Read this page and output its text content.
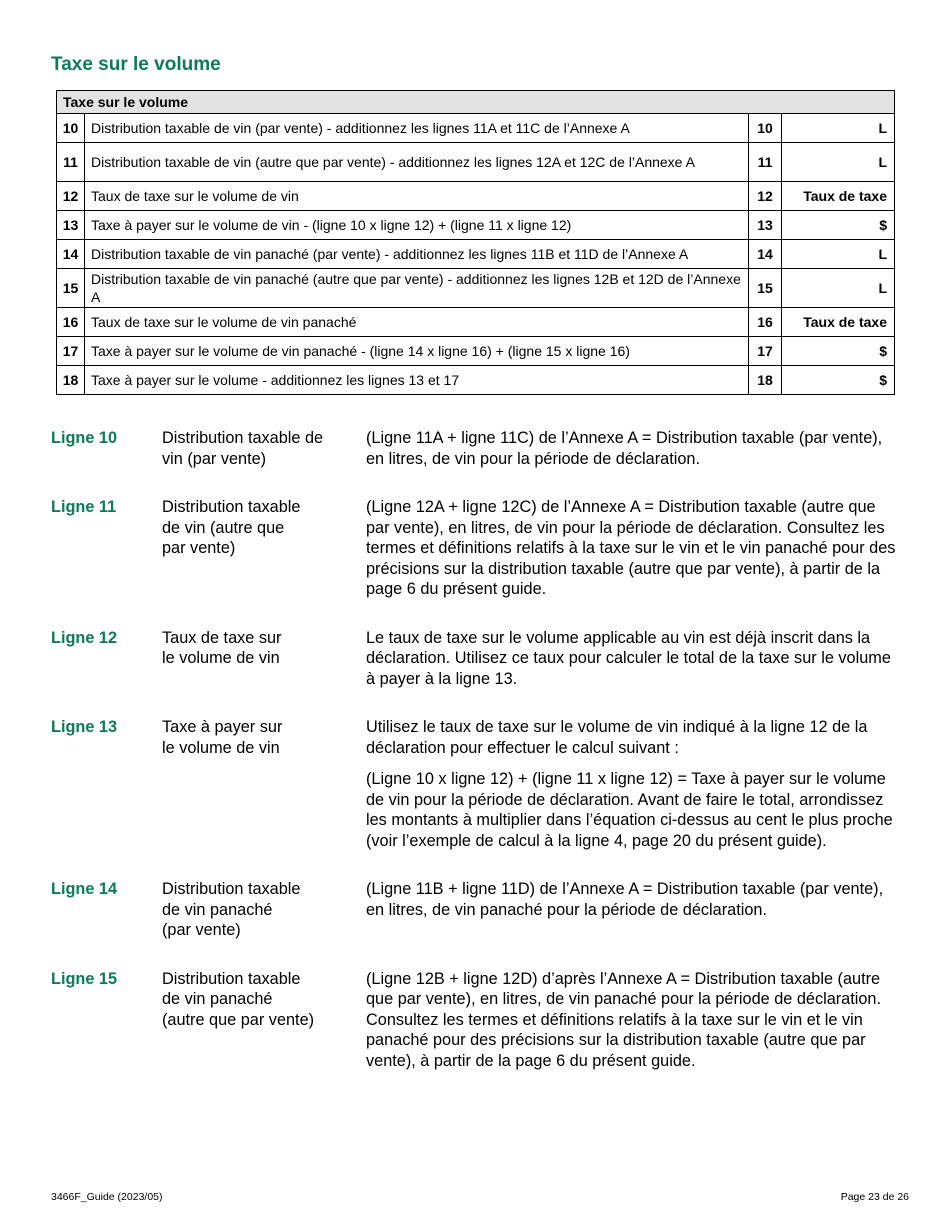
Taxe sur le volume
Taxe sur le volume			
10	Distribution taxable de vin (par vente) - additionnez les lignes 11A et 11C de l’Annexe A	10	L
11	Distribution taxable de vin (autre que par vente) - additionnez les lignes 12A et 12C de l’Annexe A	11	L
12	Taux de taxe sur le volume de vin	12	Taux de taxe
13	Taxe à payer sur le volume de vin - (ligne 10 x ligne 12) + (ligne 11 x ligne 12)	13	$
14	Distribution taxable de vin panaché (par vente) - additionnez les lignes 11B et 11D de l’Annexe A	14	L
15	Distribution taxable de vin panaché (autre que par vente) - additionnez les lignes 12B et 12D de l’Annexe A	15	L
16	Taux de taxe sur le volume de vin panaché	16	Taux de taxe
17	Taxe à payer sur le volume de vin panaché - (ligne 14 x ligne 16) + (ligne 15 x ligne 16)	17	$
18	Taxe à payer sur le volume - additionnez les lignes 13 et 17	18	$
Ligne 10	Distribution taxable de
vin (par vente)

(Ligne 11A + ligne 11C) de l’Annexe A = Distribution taxable (par vente), en litres, de vin pour la période de déclaration.

Ligne 11	Distribution taxable
de vin (autre que
par vente)

(Ligne 12A + ligne 12C) de l’Annexe A = Distribution taxable (autre que par vente), en litres, de vin pour la période de déclaration. Consultez les termes et définitions relatifs à la taxe sur le vin et le vin panaché pour des précisions sur la distribution taxable (autre que par vente), à partir de la page 6 du présent guide.

Ligne 12	Taux de taxe sur
le volume de vin

Le taux de taxe sur le volume applicable au vin est déjà inscrit dans la déclaration. Utilisez ce taux pour calculer le total de la taxe sur le volume à payer à la ligne 13.

Ligne 13	Taxe à payer sur
le volume de vin

Utilisez le taux de taxe sur le volume de vin indiqué à la ligne 12 de la déclaration pour effectuer le calcul suivant :

(Ligne 10 x ligne 12) + (ligne 11 x ligne 12) = Taxe à payer sur le volume de vin pour la période de déclaration. Avant de faire le total, arrondissez les montants à multiplier dans l’équation ci-dessus au cent le plus proche (voir l’exemple de calcul à la ligne 4, page 20 du présent guide).

Ligne 14	Distribution taxable
de vin panaché
(par vente)

(Ligne 11B + ligne 11D) de l’Annexe A = Distribution taxable (par vente), en litres, de vin panaché pour la période de déclaration.

Ligne 15	Distribution taxable
de vin panaché
(autre que par vente)

(Ligne 12B + ligne 12D) d’après l’Annexe A = Distribution taxable (autre que par vente), en litres, de vin panaché pour la période de déclaration. Consultez les termes et définitions relatifs à la taxe sur le vin et le vin panaché pour des précisions sur la distribution taxable (autre que par vente), à partir de la page 6 du présent guide.

3466F_Guide (2023/05)	Page 23 de 26
